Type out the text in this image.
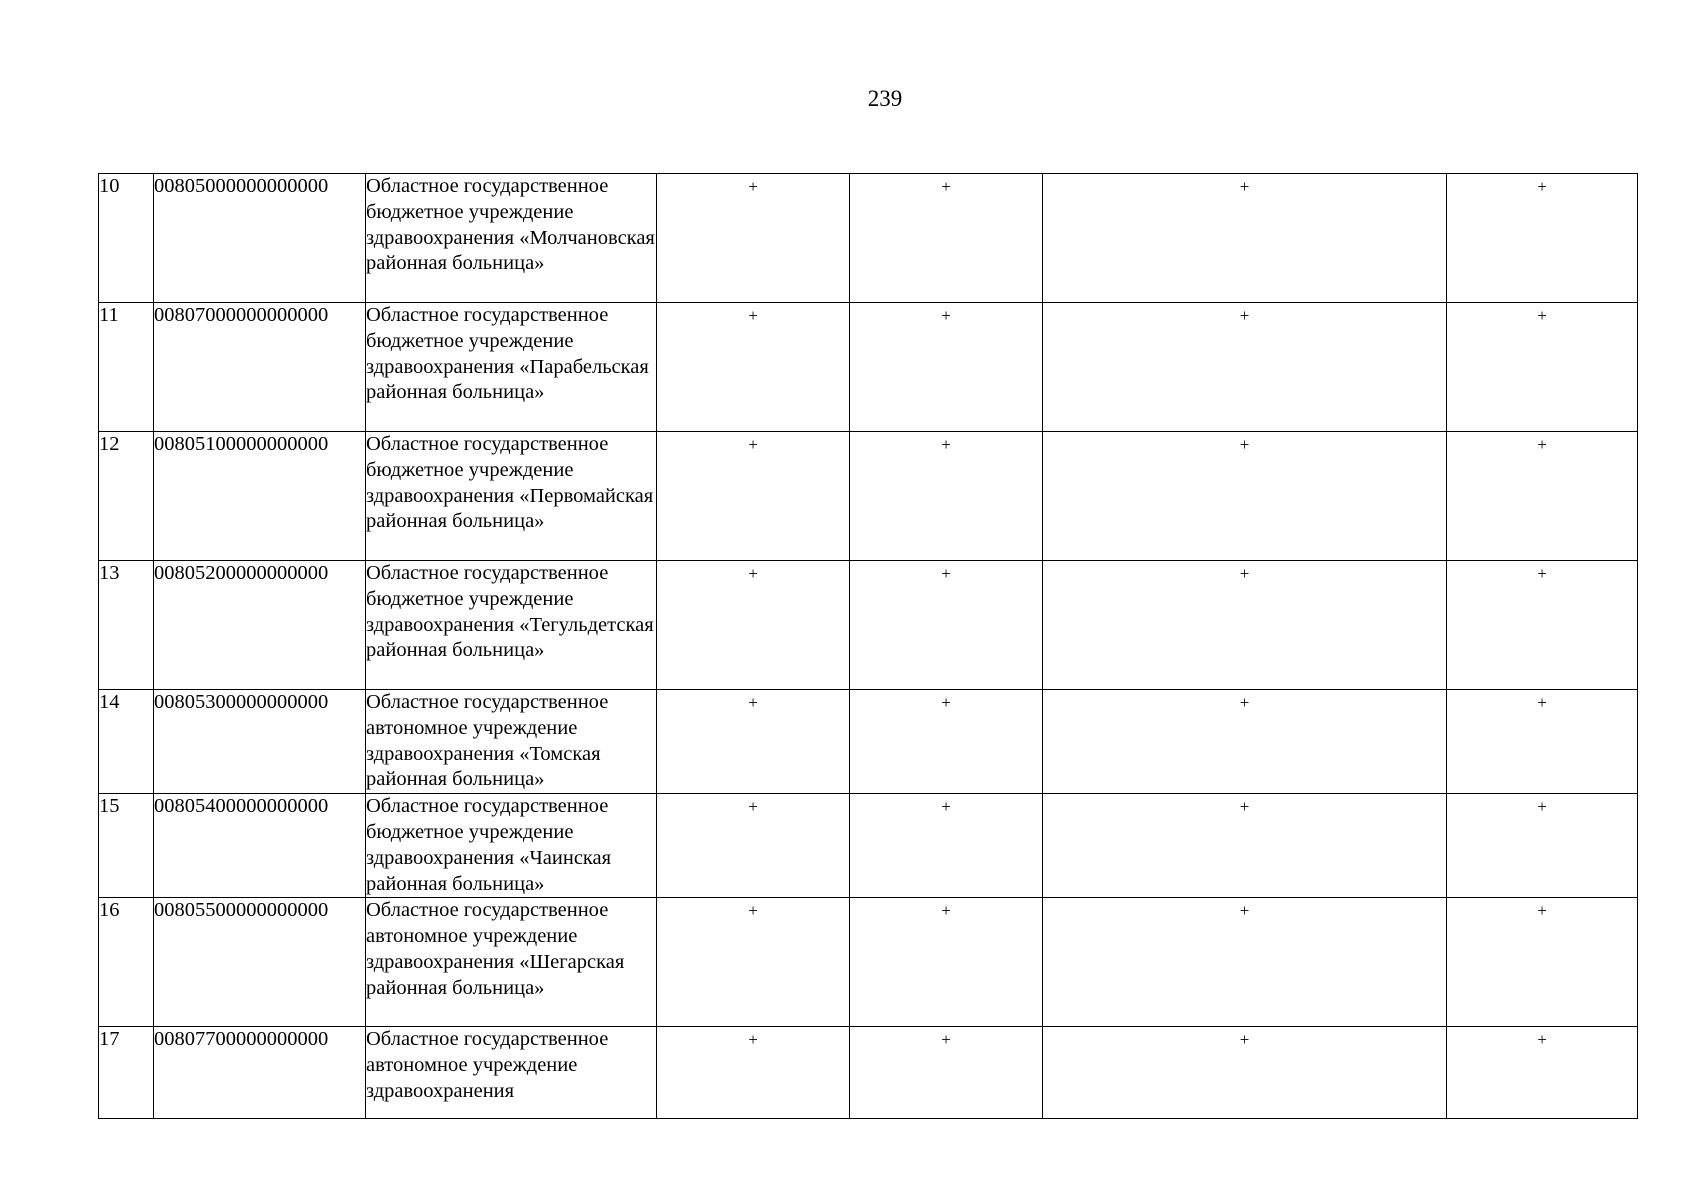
239
10	00805000000000000	Областное государственное бюджетное учреждение здравоохранения «Молчановская районная больница»	+	+	+	+
11	00807000000000000	Областное государственное бюджетное учреждение здравоохранения «Парабельская районная больница»	+	+	+	+
12	00805100000000000	Областное государственное бюджетное учреждение здравоохранения «Первомайская районная больница»	+	+	+	+
13	00805200000000000	Областное государственное бюджетное учреждение здравоохранения «Тегульдетская районная больница»	+	+	+	+
14	00805300000000000	Областное государственное автономное учреждение здравоохранения «Томская районная больница»	+	+	+	+
15	00805400000000000	Областное государственное бюджетное учреждение здравоохранения «Чаинская районная больница»	+	+	+	+
16	00805500000000000	Областное государственное автономное учреждение здравоохранения «Шегарская районная больница»	+	+	+	+
17	00807700000000000	Областное государственное автономное учреждение здравоохранения	+	+	+	+
